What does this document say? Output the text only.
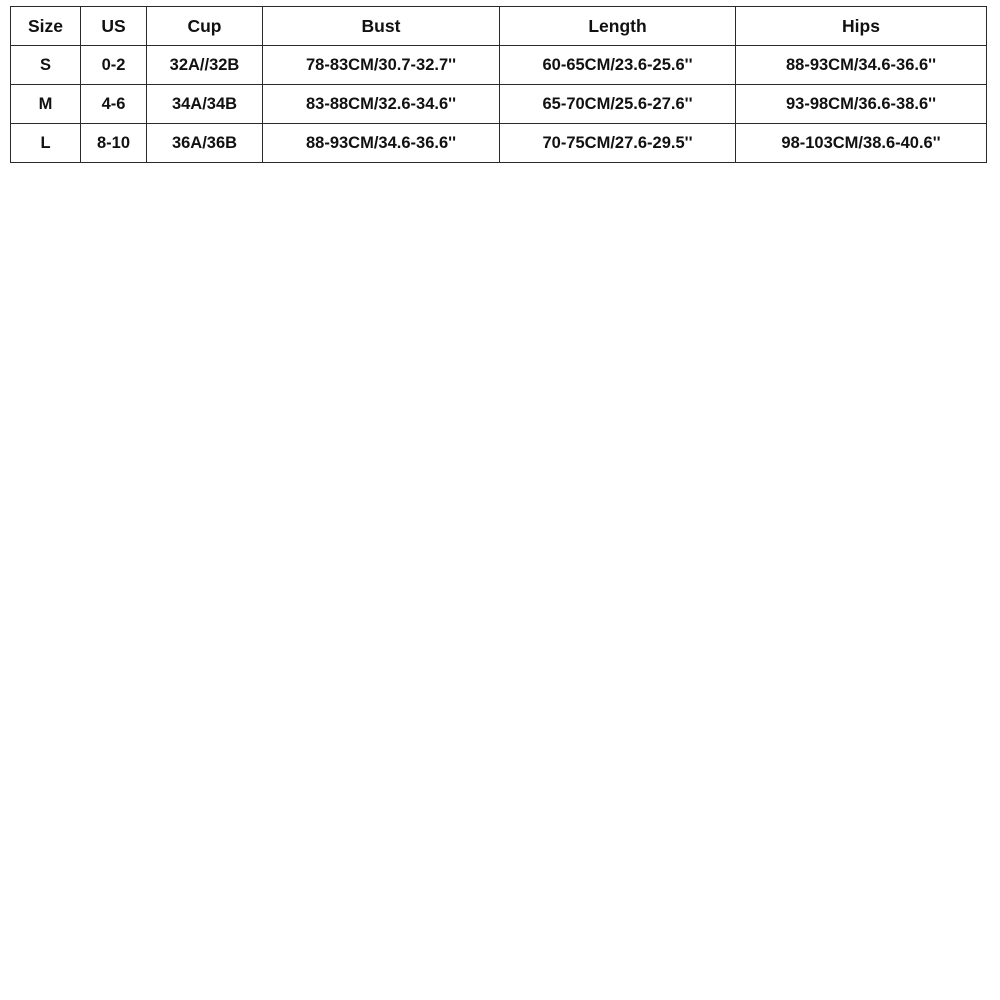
Size	US	Cup	Bust	Length	Hips
S	0-2	32A//32B	78-83CM/30.7-32.7''	60-65CM/23.6-25.6''	88-93CM/34.6-36.6''
M	4-6	34A/34B	83-88CM/32.6-34.6''	65-70CM/25.6-27.6''	93-98CM/36.6-38.6''
L	8-10	36A/36B	88-93CM/34.6-36.6''	70-75CM/27.6-29.5''	98-103CM/38.6-40.6''
